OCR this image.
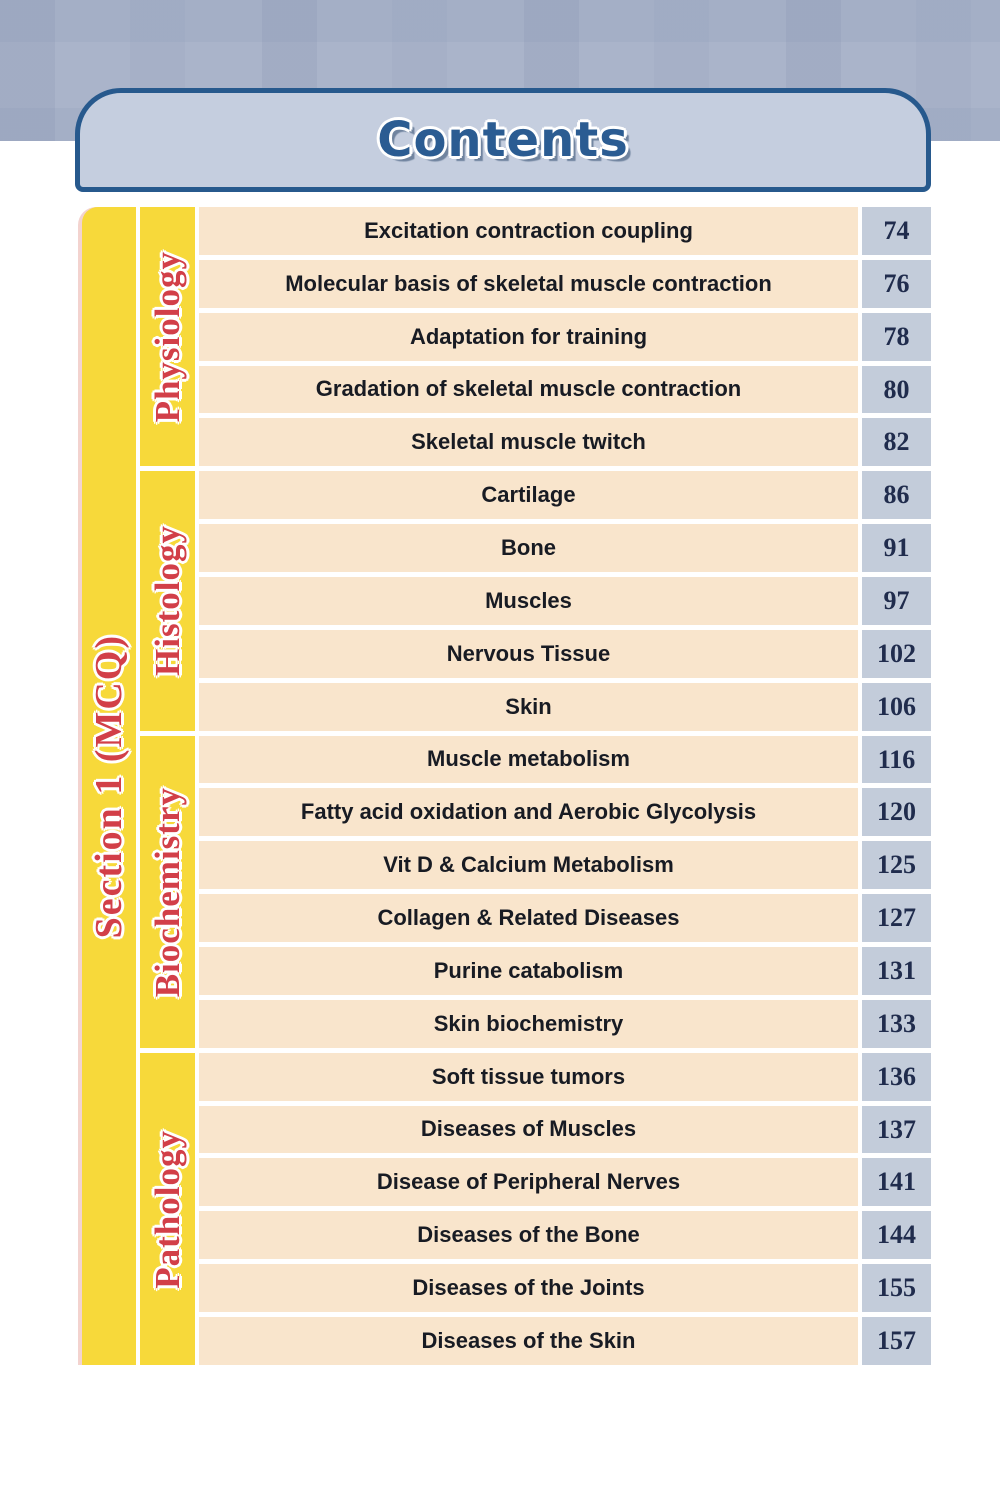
Contents
Section 1 (MCQ)
Physiology
Histology
Biochemistry
Pathology
Excitation contraction coupling	74
Molecular basis of skeletal muscle contraction	76
Adaptation for training	78
Gradation of skeletal muscle contraction	80
Skeletal muscle twitch	82
Cartilage	86
Bone	91
Muscles	97
Nervous Tissue	102
Skin	106
Muscle metabolism	116
Fatty acid oxidation and Aerobic Glycolysis	120
Vit D & Calcium Metabolism	125
Collagen & Related Diseases	127
Purine catabolism	131
Skin biochemistry	133
Soft tissue tumors	136
Diseases of Muscles	137
Disease of Peripheral Nerves	141
Diseases of the Bone	144
Diseases of the Joints	155
Diseases of the Skin	157
